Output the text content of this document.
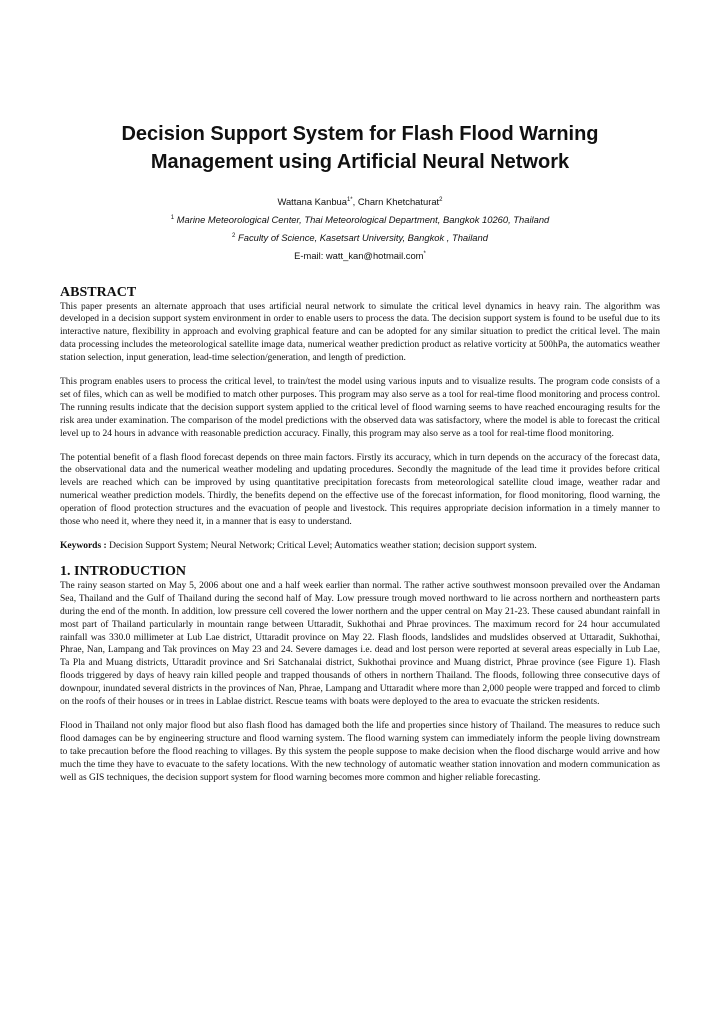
Decision Support System for Flash Flood Warning
Management using Artificial Neural Network
Wattana Kanbua$^{1*}$, Charn Khetchaturat$^2$
$^1$ Marine Meteorological Center, Thai Meteorological Department, Bangkok 10260, Thailand
$^2$ Faculty of Science, Kasetsart University, Bangkok , Thailand
E-mail: watt_kan@hotmail.com*
ABSTRACT

This paper presents an alternate approach that uses artificial neural network to simulate the critical level dynamics in heavy rain. The algorithm was developed in a decision support system environment in order to enable users to process the data. The decision support system is found to be useful due to its interactive nature, flexibility in approach and evolving graphical feature and can be adopted for any similar situation to predict the critical level. The main data processing includes the meteorological satellite image data, numerical weather prediction product as relative vorticity at 500hPa, the automatics weather station selection, input generation, lead-time selection/generation, and length of prediction.

This program enables users to process the critical level, to train/test the model using various inputs and to visualize results. The program code consists of a set of files, which can as well be modified to match other purposes. This program may also serve as a tool for real-time flood monitoring and process control. The running results indicate that the decision support system applied to the critical level of flood warning seems to have reached encouraging results for the risk area under examination. The comparison of the model predictions with the observed data was satisfactory, where the model is able to forecast the critical level up to 24 hours in advance with reasonable prediction accuracy. Finally, this program may also serve as a tool for real-time flood monitoring.

The potential benefit of a flash flood forecast depends on three main factors. Firstly its accuracy, which in turn depends on the accuracy of the forecast data, the observational data and the numerical weather modeling and updating procedures. Secondly the magnitude of the lead time it provides before critical levels are reached which can be improved by using quantitative precipitation forecasts from meteorological satellite cloud image, weather radar and numerical weather prediction models. Thirdly, the benefits depend on the effective use of the forecast information, for flood monitoring, flood warning, the operation of flood protection structures and the evacuation of people and livestock. This requires appropriate decision information in a timely manner to those who need it, where they need it, in a manner that is easy to understand.

Keywords : Decision Support System; Neural Network; Critical Level; Automatics weather station; decision support system.

1. INTRODUCTION

The rainy season started on May 5, 2006 about one and a half week earlier than normal. The rather active southwest monsoon prevailed over the Andaman Sea, Thailand and the Gulf of Thailand during the second half of May. Low pressure trough moved northward to lie across northern and northeastern parts during the end of the month. In addition, low pressure cell covered the lower northern and the upper central on May 21-23. These caused abundant rainfall in most part of Thailand particularly in mountain range between Uttaradit, Sukhothai and Phrae provinces. The maximum record for 24 hour accumulated rainfall was 330.0 millimeter at Lub Lae district, Uttaradit province on May 22. Flash floods, landslides and mudslides observed at Uttaradit, Sukhothai, Phrae, Nan, Lampang and Tak provinces on May 23 and 24. Severe damages i.e. dead and lost person were reported at several areas especially in Lub Lae, Ta Pla and Muang districts, Uttaradit province and Sri Satchanalai district, Sukhothai province and Muang district, Phrae province (see Figure 1). Flash floods triggered by days of heavy rain killed people and trapped thousands of others in northern Thailand. The floods, following three consecutive days of downpour, inundated several districts in the provinces of Nan, Phrae, Lampang and Uttaradit where more than 2,000 people were trapped and forced to climb on the roofs of their houses or in trees in Lablae district. Rescue teams with boats were deployed to the area to evacuate the stricken residents.

Flood in Thailand not only major flood but also flash flood has damaged both the life and properties since history of Thailand. The measures to reduce such flood damages can be by engineering structure and flood warning system. The flood warning system can immediately inform the people living downstream to take precaution before the flood reaching to villages. By this system the people suppose to make decision when the flood discharge would arrive and how much the time they have to evacuate to the safety locations. With the new technology of automatic weather station innovation and modern communication as well as GIS techniques, the decision support system for flood warning becomes more common and higher reliable forecasting.
